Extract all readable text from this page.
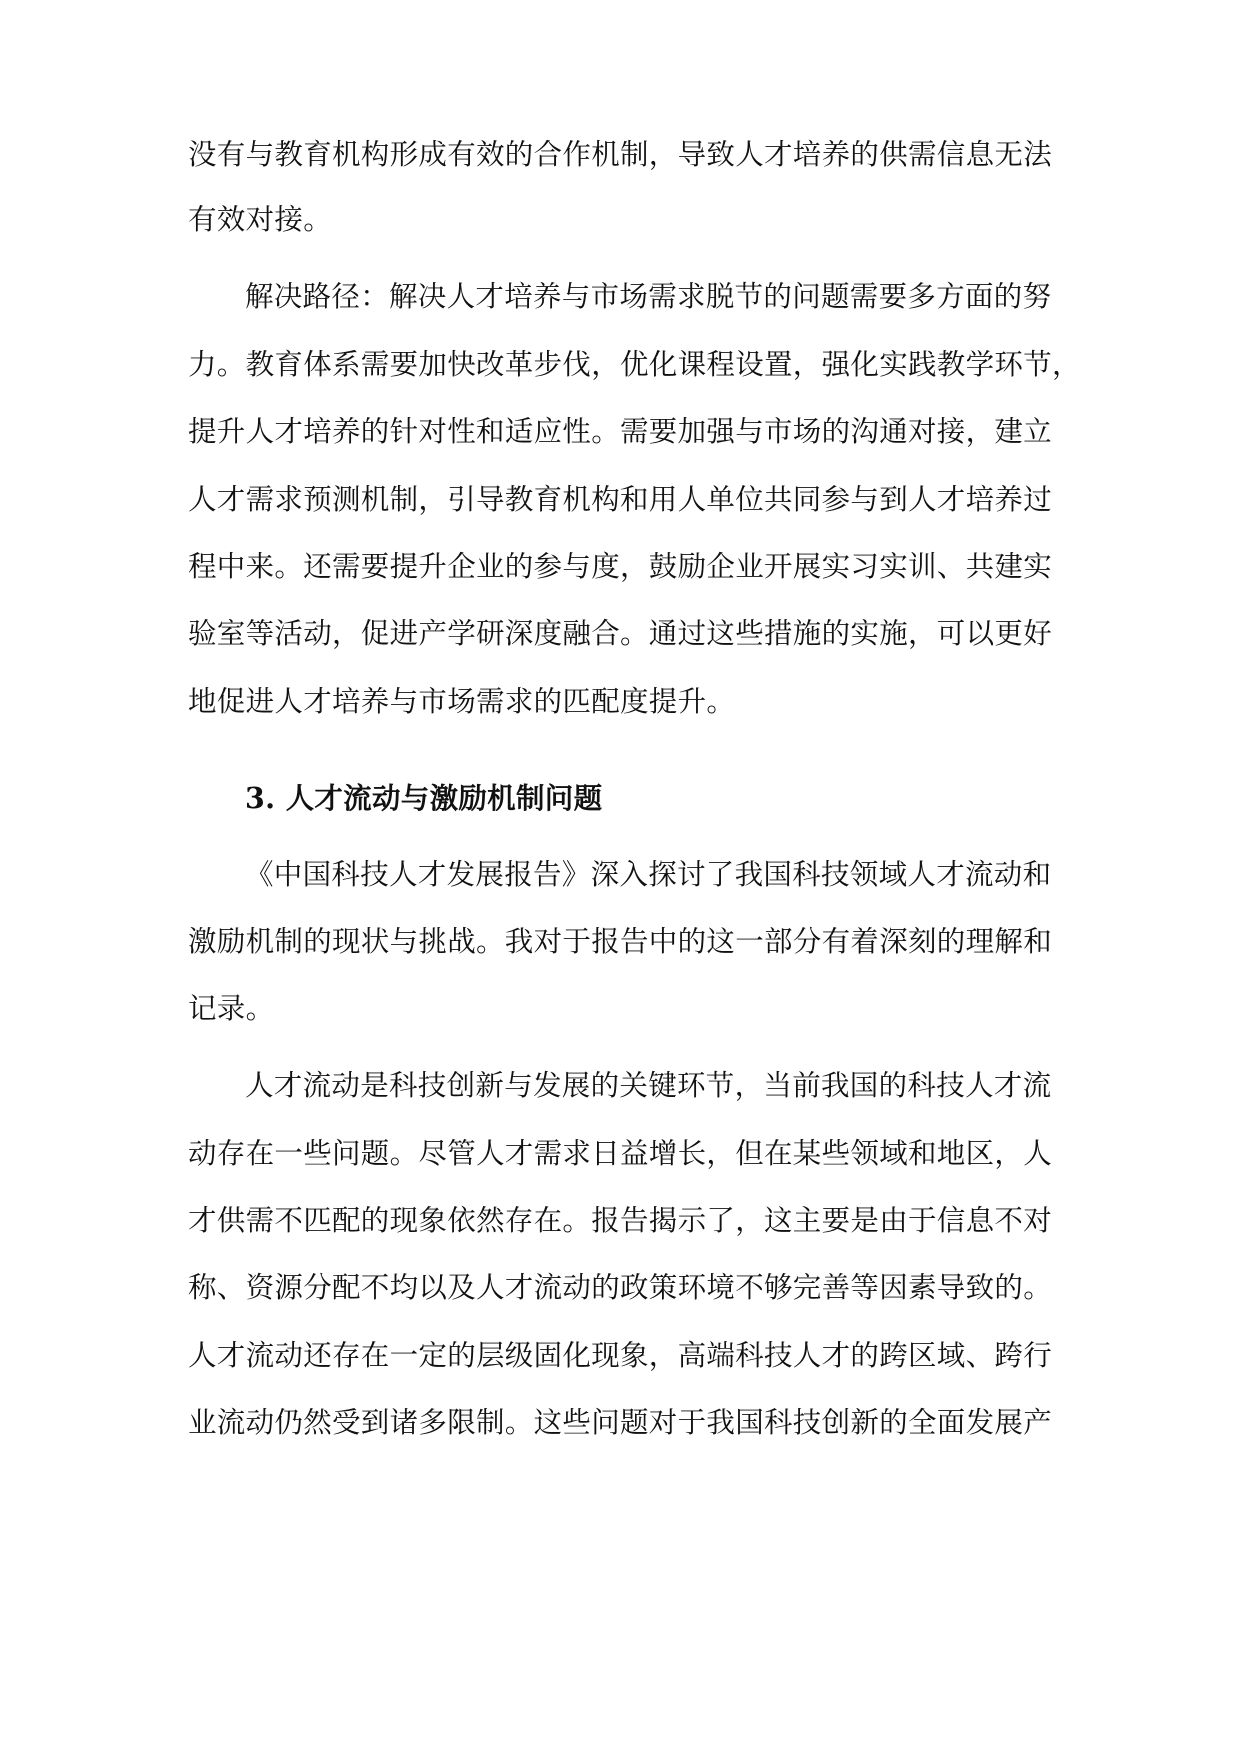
没有与教育机构形成有效的合作机制，导致人才培养的供需信息无法

有效对接。

解决路径：解决人才培养与市场需求脱节的问题需要多方面的努

力。教育体系需要加快改革步伐，优化课程设置，强化实践教学环节，

提升人才培养的针对性和适应性。需要加强与市场的沟通对接，建立

人才需求预测机制，引导教育机构和用人单位共同参与到人才培养过

程中来。还需要提升企业的参与度，鼓励企业开展实习实训、共建实

验室等活动，促进产学研深度融合。通过这些措施的实施，可以更好

地促进人才培养与市场需求的匹配度提升。

3. 人才流动与激励机制问题

《中国科技人才发展报告》深入探讨了我国科技领域人才流动和

激励机制的现状与挑战。我对于报告中的这一部分有着深刻的理解和

记录。

人才流动是科技创新与发展的关键环节，当前我国的科技人才流

动存在一些问题。尽管人才需求日益增长，但在某些领域和地区，人

才供需不匹配的现象依然存在。报告揭示了，这主要是由于信息不对

称、资源分配不均以及人才流动的政策环境不够完善等因素导致的。

人才流动还存在一定的层级固化现象，高端科技人才的跨区域、跨行

业流动仍然受到诸多限制。这些问题对于我国科技创新的全面发展产
